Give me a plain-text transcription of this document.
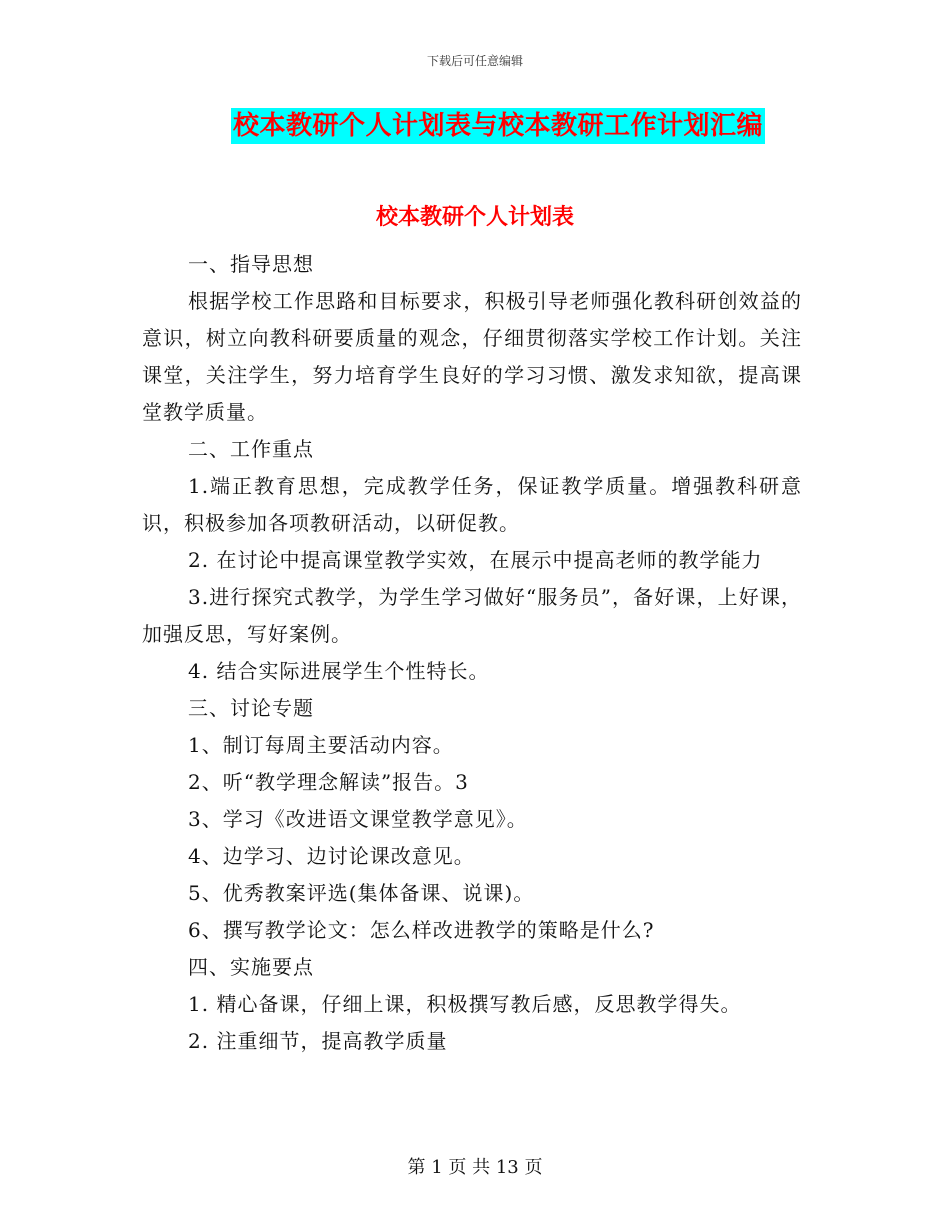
下载后可任意编辑
校本教研个人计划表与校本教研工作计划汇编
校本教研个人计划表

一、指导思想

根据学校工作思路和目标要求，积极引导老师强化教科研创效益的意识，树立向教科研要质量的观念，仔细贯彻落实学校工作计划。关注课堂，关注学生，努力培育学生良好的学习习惯、激发求知欲，提高课堂教学质量。

二、工作重点

1.端正教育思想，完成教学任务，保证教学质量。增强教科研意识，积极参加各项教研活动，以研促教。

2. 在讨论中提高课堂教学实效，在展示中提高老师的教学能力

3.进行探究式教学，为学生学习做好“服务员”，备好课，上好课，加强反思，写好案例。

4. 结合实际进展学生个性特长。

三、讨论专题

1、制订每周主要活动内容。

2、听“教学理念解读”报告。3

3、学习《改进语文课堂教学意见》。

4、边学习、边讨论课改意见。

5、优秀教案评选(集体备课、说课)。

6、撰写教学论文：怎么样改进教学的策略是什么?

四、实施要点

1. 精心备课，仔细上课，积极撰写教后感，反思教学得失。

2. 注重细节，提高教学质量

第 1 页 共 13 页
